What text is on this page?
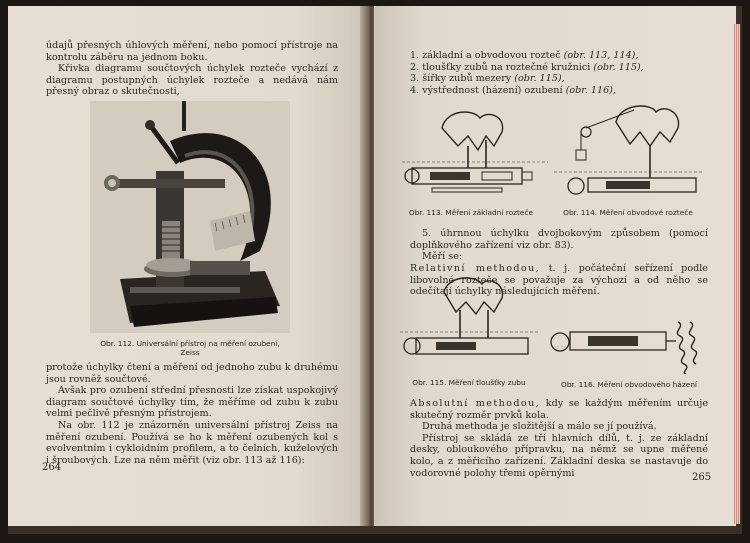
údajů přesných úhlových měření, nebo pomocí přístroje na kontrolu záběru na jednom boku.

Křivka diagramu součtových úchylek rozteče vychází z diagramu postupných úchylek rozteče a nedává nám přesný obraz o skutečnosti,

Obr. 112. Universální přístroj na měření ozubení, Zeiss

protože úchylky čtení a měření od jednoho zubu k druhému jsou rovněž součtové.

Avšak pro ozubení střední přesnosti lze získat uspokojivý diagram součtové úchylky tím, že měříme od zubu k zubu velmi pečlivě přesným přístrojem.

Na obr. 112 je znázorněn universální přístroj Zeiss na měření ozubení. Používá se ho k měření ozubených kol s evolventním i cykloidním profilem, a to čelních, kuželových i šroubových. Lze na něm měřit (viz obr. 113 až 116):

264
1. základní a obvodovou rozteč (obr. 113, 114),
2. tloušťky zubů na roztečné kružnici (obr. 115),
3. šířky zubů mezery (obr. 115),
4. výstřednost (házení) ozubení (obr. 116),
Obr. 113. Měření základní rozteče	Obr. 114. Měření obvodové rozteče

5. úhrnnou úchylku dvojbokovým způsobem (pomocí doplňkového zařízení viz obr. 83).

Měří se:

Relativní methodou, t. j. počáteční seřízení podle libovolné rozteče se považuje za výchozí a od něho se odečítají úchylky následujících měření.

Obr. 115. Měření tloušťky zubu	Obr. 116. Měření obvodového házení

Absolutní methodou, kdy se každým měřením určuje skutečný rozměr prvků kola.

Druhá methoda je složitější a málo se jí používá.

Přístroj se skládá ze tří hlavních dílů, t. j. ze základní desky, obloukového přípravku, na němž se upne měřené kolo, a z měřicího zařízení. Základní deska se nastavuje do vodorovné polohy třemi opěrnými	265
